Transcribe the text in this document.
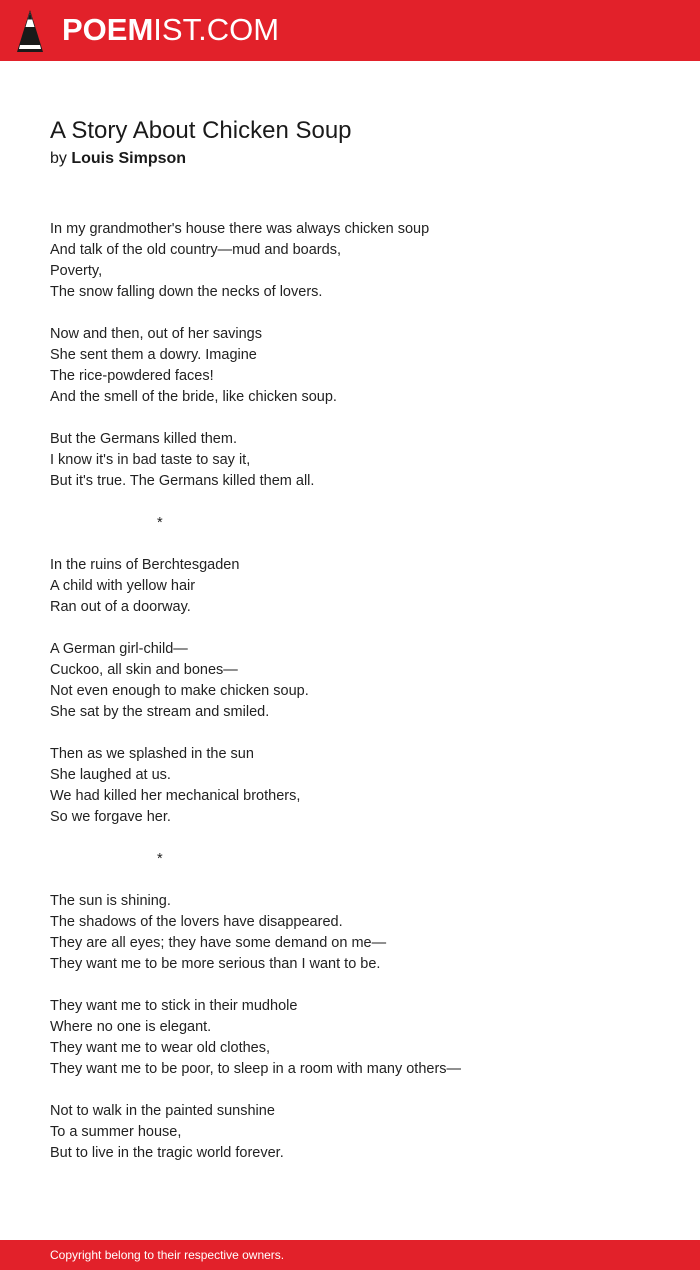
POEMIST.COM
A Story About Chicken Soup
by Louis Simpson
In my grandmother's house there was always chicken soup
And talk of the old country—mud and boards,
Poverty,
The snow falling down the necks of lovers.
Now and then, out of her savings
She sent them a dowry. Imagine
The rice-powdered faces!
And the smell of the bride, like chicken soup.
But the Germans killed them.
I know it's in bad taste to say it,
But it's true. The Germans killed them all.
*
In the ruins of Berchtesgaden
A child with yellow hair
Ran out of a doorway.
A German girl-child—
Cuckoo, all skin and bones—
Not even enough to make chicken soup.
She sat by the stream and smiled.
Then as we splashed in the sun
She laughed at us.
We had killed her mechanical brothers,
So we forgave her.
*
The sun is shining.
The shadows of the lovers have disappeared.
They are all eyes; they have some demand on me—
They want me to be more serious than I want to be.
They want me to stick in their mudhole
Where no one is elegant.
They want me to wear old clothes,
They want me to be poor, to sleep in a room with many others—
Not to walk in the painted sunshine
To a summer house,
But to live in the tragic world forever.
Copyright belong to their respective owners.
